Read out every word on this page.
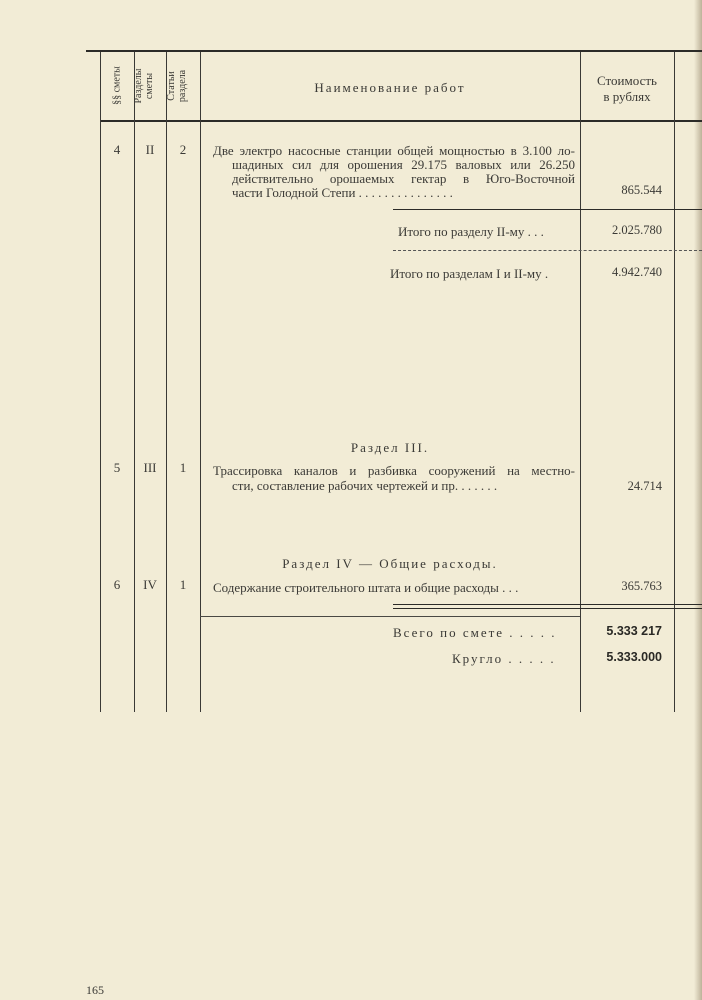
§§ сметы Разделы сметы Статьи раздела	Наименование работ	Стоимость
в рублях
4	II	2	Две электро насосные станции общей мощностью в 3.100 ло-
шадиных сил для орошения 29.175 валовых или 26.250
действительно орошаемых гектар в Юго-Восточной
части Голодной Степи . . . . . . . . . . . . . . .	865.544
Итого по разделу II-му . . .	2.025.780
Итого по разделам I и II-му .	4.942.740
Раздел III.
5	III	1	Трассировка каналов и разбивка сооружений на местно-
сти, составление рабочих чертежей и пр. . . . . . .	24.714
Раздел IV — Общие расходы.
6	IV	1	Содержание строительного штата и общие расходы . . .	365.763
Всего по смете . . . . .	5.333 217
Кругло . . . . .	5.333.000
165
